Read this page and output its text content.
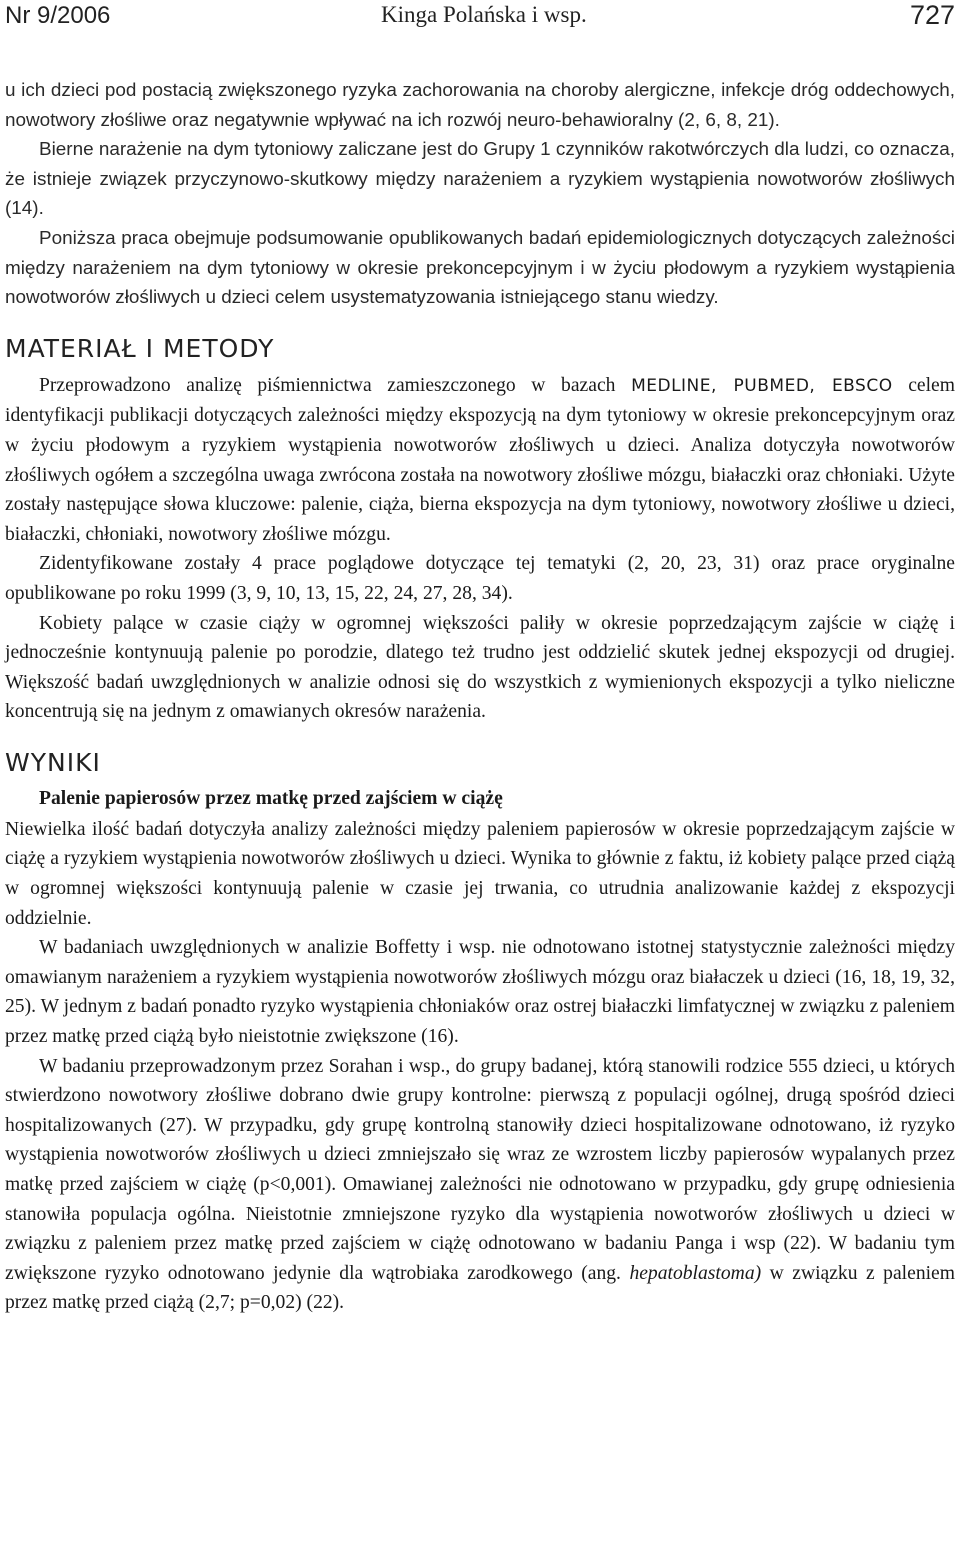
Nr 9/2006	Kinga Polańska i wsp.	727

u ich dzieci pod postacią zwiększonego ryzyka zachorowania na choroby alergiczne, infekcje dróg oddechowych, nowotwory złośliwe oraz negatywnie wpływać na ich rozwój neuro-behawioralny (2, 6, 8, 21).

Bierne narażenie na dym tytoniowy zaliczane jest do Grupy 1 czynników rakotwórczych dla ludzi, co oznacza, że istnieje związek przyczynowo-skutkowy między narażeniem a ryzykiem wystąpienia nowotworów złośliwych (14).

Poniższa praca obejmuje podsumowanie opublikowanych badań epidemiologicznych dotyczących zależności między narażeniem na dym tytoniowy w okresie prekoncepcyjnym i w życiu płodowym a ryzykiem wystąpienia nowotworów złośliwych u dzieci celem usystematyzowania istniejącego stanu wiedzy.

MATERIAŁ I METODY

Przeprowadzono analizę piśmiennictwa zamieszczonego w bazach MEDLINE, PUBMED, EBSCO celem identyfikacji publikacji dotyczących zależności między ekspozycją na dym tytoniowy w okresie prekoncepcyjnym oraz w życiu płodowym a ryzykiem wystąpienia nowotworów złośliwych u dzieci. Analiza dotyczyła nowotworów złośliwych ogółem a szczególna uwaga zwrócona została na nowotwory złośliwe mózgu, białaczki oraz chłoniaki. Użyte zostały następujące słowa kluczowe: palenie, ciąża, bierna ekspozycja na dym tytoniowy, nowotwory złośliwe u dzieci, białaczki, chłoniaki, nowotwory złośliwe mózgu.

Zidentyfikowane zostały 4 prace poglądowe dotyczące tej tematyki (2, 20, 23, 31) oraz prace oryginalne opublikowane po roku 1999 (3, 9, 10, 13, 15, 22, 24, 27, 28, 34).

Kobiety palące w czasie ciąży w ogromnej większości paliły w okresie poprzedzającym zajście w ciążę i jednocześnie kontynuują palenie po porodzie, dlatego też trudno jest oddzielić skutek jednej ekspozycji od drugiej. Większość badań uwzględnionych w analizie odnosi się do wszystkich z wymienionych ekspozycji a tylko nieliczne koncentrują się na jednym z omawianych okresów narażenia.

WYNIKI
Palenie papierosów przez matkę przed zajściem w ciążę

Niewielka ilość badań dotyczyła analizy zależności między paleniem papierosów w okresie poprzedzającym zajście w ciążę a ryzykiem wystąpienia nowotworów złośliwych u dzieci. Wynika to głównie z faktu, iż kobiety palące przed ciążą w ogromnej większości kontynuują palenie w czasie jej trwania, co utrudnia analizowanie każdej z ekspozycji oddzielnie.

W badaniach uwzględnionych w analizie Boffetty i wsp. nie odnotowano istotnej statystycznie zależności między omawianym narażeniem a ryzykiem wystąpienia nowotworów złośliwych mózgu oraz białaczek u dzieci (16, 18, 19, 32, 25). W jednym z badań ponadto ryzyko wystąpienia chłoniaków oraz ostrej białaczki limfatycznej w związku z paleniem przez matkę przed ciążą było nieistotnie zwiększone (16).

W badaniu przeprowadzonym przez Sorahan i wsp., do grupy badanej, którą stanowili rodzice 555 dzieci, u których stwierdzono nowotwory złośliwe dobrano dwie grupy kontrolne: pierwszą z populacji ogólnej, drugą spośród dzieci hospitalizowanych (27). W przypadku, gdy grupę kontrolną stanowiły dzieci hospitalizowane odnotowano, iż ryzyko wystąpienia nowotworów złośliwych u dzieci zmniejszało się wraz ze wzrostem liczby papierosów wypalanych przez matkę przed zajściem w ciążę (p<0,001). Omawianej zależności nie odnotowano w przypadku, gdy grupę odniesienia stanowiła populacja ogólna. Nieistotnie zmniejszone ryzyko dla wystąpienia nowotworów złośliwych u dzieci w związku z paleniem przez matkę przed zajściem w ciążę odnotowano w badaniu Panga i wsp (22). W badaniu tym zwiększone ryzyko odnotowano jedynie dla wątrobiaka zarodkowego (ang. hepatoblastoma) w związku z paleniem przez matkę przed ciążą (2,7; p=0,02) (22).
